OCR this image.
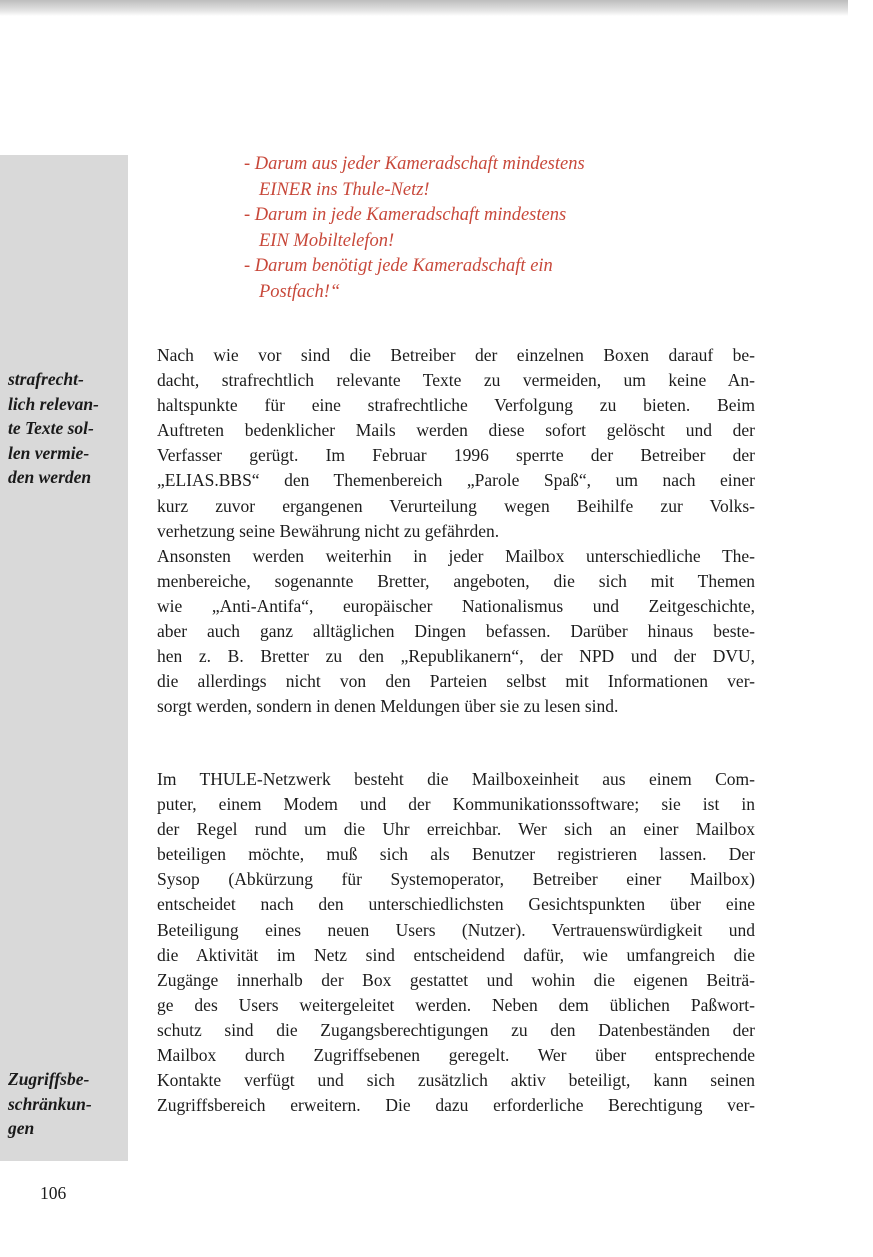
strafrecht-
lich relevan-
te Texte sol-
len vermie-
den werden
Zugriffsbe-
schränkun-
gen
- Darum aus jeder Kameradschaft mindestens
EINER ins Thule-Netz!
- Darum in jede Kameradschaft mindestens
EIN Mobiltelefon!
- Darum benötigt jede Kameradschaft ein
Postfach!“
Nach wie vor sind die Betreiber der einzelnen Boxen darauf be-
dacht, strafrechtlich relevante Texte zu vermeiden, um keine An-
haltspunkte für eine strafrechtliche Verfolgung zu bieten. Beim
Auftreten bedenklicher Mails werden diese sofort gelöscht und der
Verfasser gerügt. Im Februar 1996 sperrte der Betreiber der
„ELIAS.BBS“ den Themenbereich „Parole Spaß“, um nach einer
kurz zuvor ergangenen Verurteilung wegen Beihilfe zur Volks-
verhetzung seine Bewährung nicht zu gefährden.
Ansonsten werden weiterhin in jeder Mailbox unterschiedliche The-
menbereiche, sogenannte Bretter, angeboten, die sich mit Themen
wie „Anti-Antifa“, europäischer Nationalismus und Zeitgeschichte,
aber auch ganz alltäglichen Dingen befassen. Darüber hinaus beste-
hen z. B. Bretter zu den „Republikanern“, der NPD und der DVU,
die allerdings nicht von den Parteien selbst mit Informationen ver-
sorgt werden, sondern in denen Meldungen über sie zu lesen sind.
Im THULE-Netzwerk besteht die Mailboxeinheit aus einem Com-
puter, einem Modem und der Kommunikationssoftware; sie ist in
der Regel rund um die Uhr erreichbar. Wer sich an einer Mailbox
beteiligen möchte, muß sich als Benutzer registrieren lassen. Der
Sysop (Abkürzung für Systemoperator, Betreiber einer Mailbox)
entscheidet nach den unterschiedlichsten Gesichtspunkten über eine
Beteiligung eines neuen Users (Nutzer). Vertrauenswürdigkeit und
die Aktivität im Netz sind entscheidend dafür, wie umfangreich die
Zugänge innerhalb der Box gestattet und wohin die eigenen Beiträ-
ge des Users weitergeleitet werden. Neben dem üblichen Paßwort-
schutz sind die Zugangsberechtigungen zu den Datenbeständen der
Mailbox durch Zugriffsebenen geregelt. Wer über entsprechende
Kontakte verfügt und sich zusätzlich aktiv beteiligt, kann seinen
Zugriffsbereich erweitern. Die dazu erforderliche Berechtigung ver-
106
